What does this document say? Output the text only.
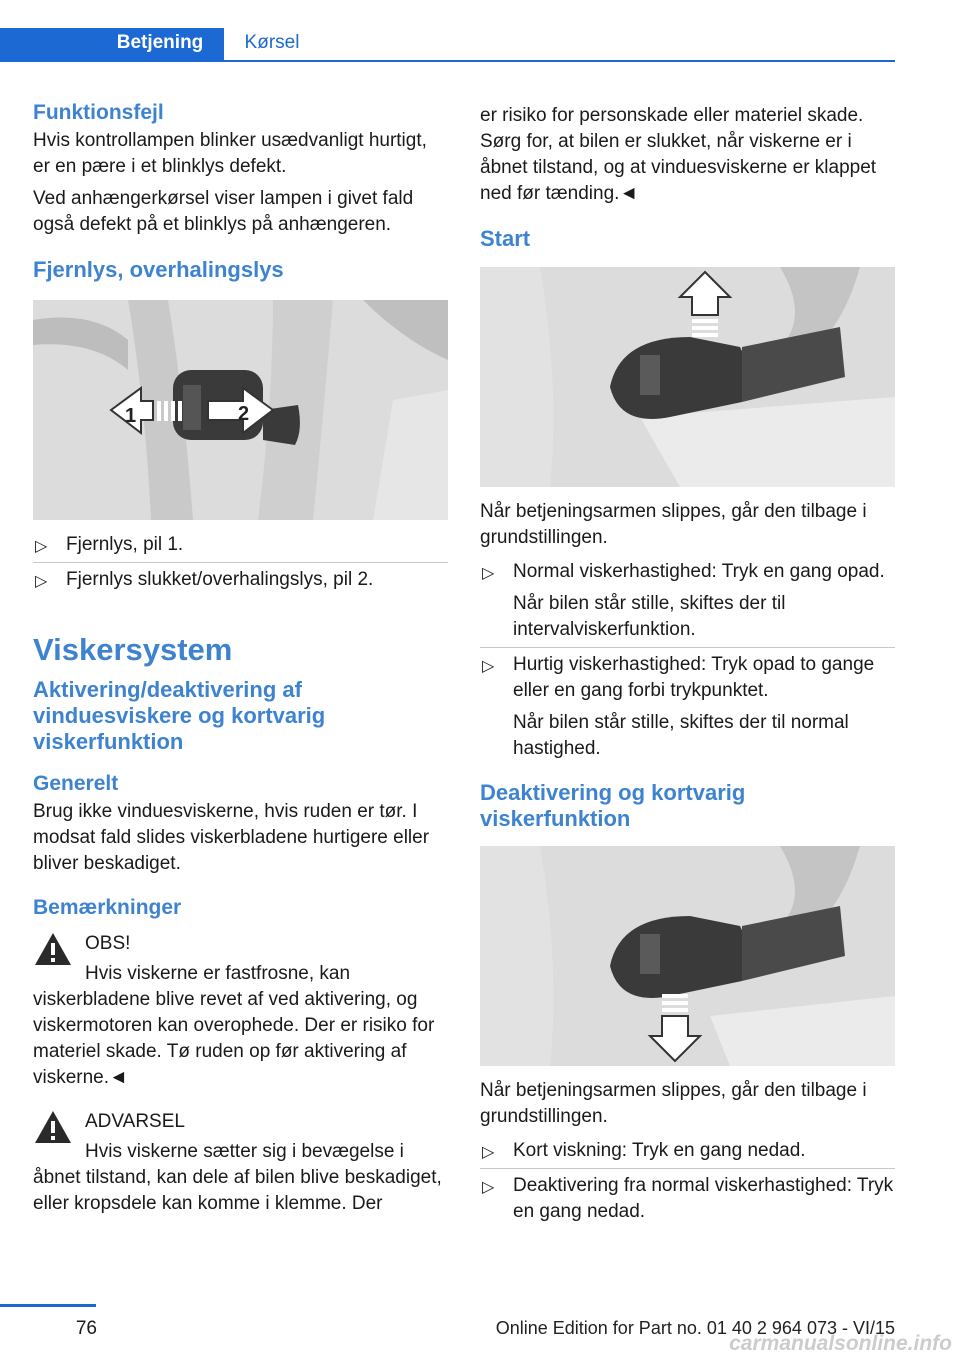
Betjening	Kørsel
Funktionsfejl

Hvis kontrollampen blinker usædvanligt hurtigt, er en pære i et blinklys defekt.

Ved anhængerkørsel viser lampen i givet fald også defekt på et blinklys på anhængeren.

Fjernlys, overhalingslys
1	2
▷ Fjernlys, pil 1.
▷ Fjernlys slukket/overhalingslys, pil 2.
Viskersystem
Aktivering/deaktivering af vinduesviskere og kortvarig viskerfunktion
Generelt

Brug ikke vinduesviskerne, hvis ruden er tør. I modsat fald slides viskerbladene hurtigere eller bliver beskadiget.

Bemærkninger

OBS!

Hvis viskerne er fastfrosne, kan viskerbladene blive revet af ved aktivering, og viskermotoren kan overophede. Der er risiko for materiel skade. Tø ruden op før aktivering af viskerne.◄

ADVARSEL

Hvis viskerne sætter sig i bevægelse i åbnet tilstand, kan dele af bilen blive beskadiget, eller kropsdele kan komme i klemme. Der

er risiko for personskade eller materiel skade. Sørg for, at bilen er slukket, når viskerne er i åbnet tilstand, og at vinduesviskerne er klappet ned før tænding.◄

Start

Når betjeningsarmen slippes, går den tilbage i grundstillingen.

▷ Normal viskerhastighed: Tryk en gang opad.

Når bilen står stille, skiftes der til intervalviskerfunktion.

▷ Hurtig viskerhastighed: Tryk opad to gange eller en gang forbi trykpunktet.

Når bilen står stille, skiftes der til normal hastighed.

Deaktivering og kortvarig viskerfunktion

Når betjeningsarmen slippes, går den tilbage i grundstillingen.

▷ Kort viskning: Tryk en gang nedad.
▷ Deaktivering fra normal viskerhastighed: Tryk en gang nedad.
76	Online Edition for Part no. 01 40 2 964 073 - VI/15
carmanualsonline.info
